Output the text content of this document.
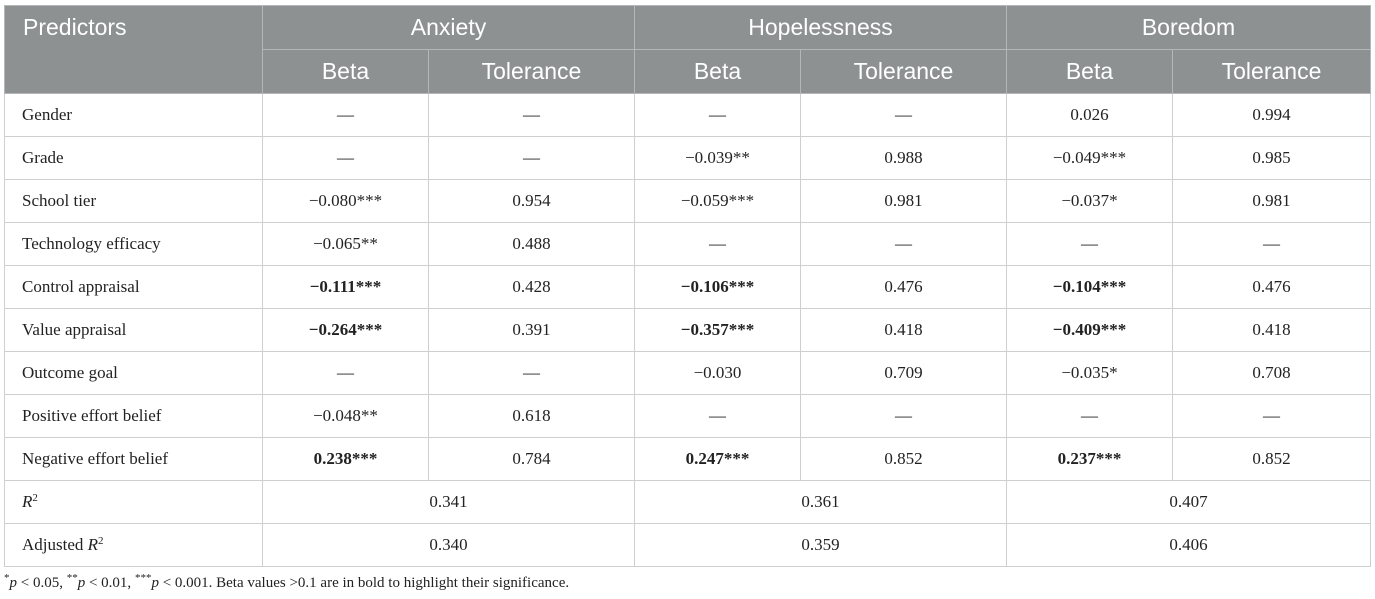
Predictors	Anxiety		Hopelessness		Boredom	
	Beta	Tolerance	Beta	Tolerance	Beta	Tolerance
Gender	—	—	—	—	0.026	0.994
Grade	—	—	−0.039**	0.988	−0.049***	0.985
School tier	−0.080***	0.954	−0.059***	0.981	−0.037*	0.981
Technology efficacy	−0.065**	0.488	—	—	—	—
Control appraisal	−0.111***	0.428	−0.106***	0.476	−0.104***	0.476
Value appraisal	−0.264***	0.391	−0.357***	0.418	−0.409***	0.418
Outcome goal	—	—	−0.030	0.709	−0.035*	0.708
Positive effort belief	−0.048**	0.618	—	—	—	—
Negative effort belief	0.238***	0.784	0.247***	0.852	0.237***	0.852
$R^2$	0.341		0.361		0.407	
Adjusted $R^2$	0.340		0.359		0.406	
*p < 0.05, **p < 0.01, ***p < 0.001. Beta values >0.1 are in bold to highlight their significance.
